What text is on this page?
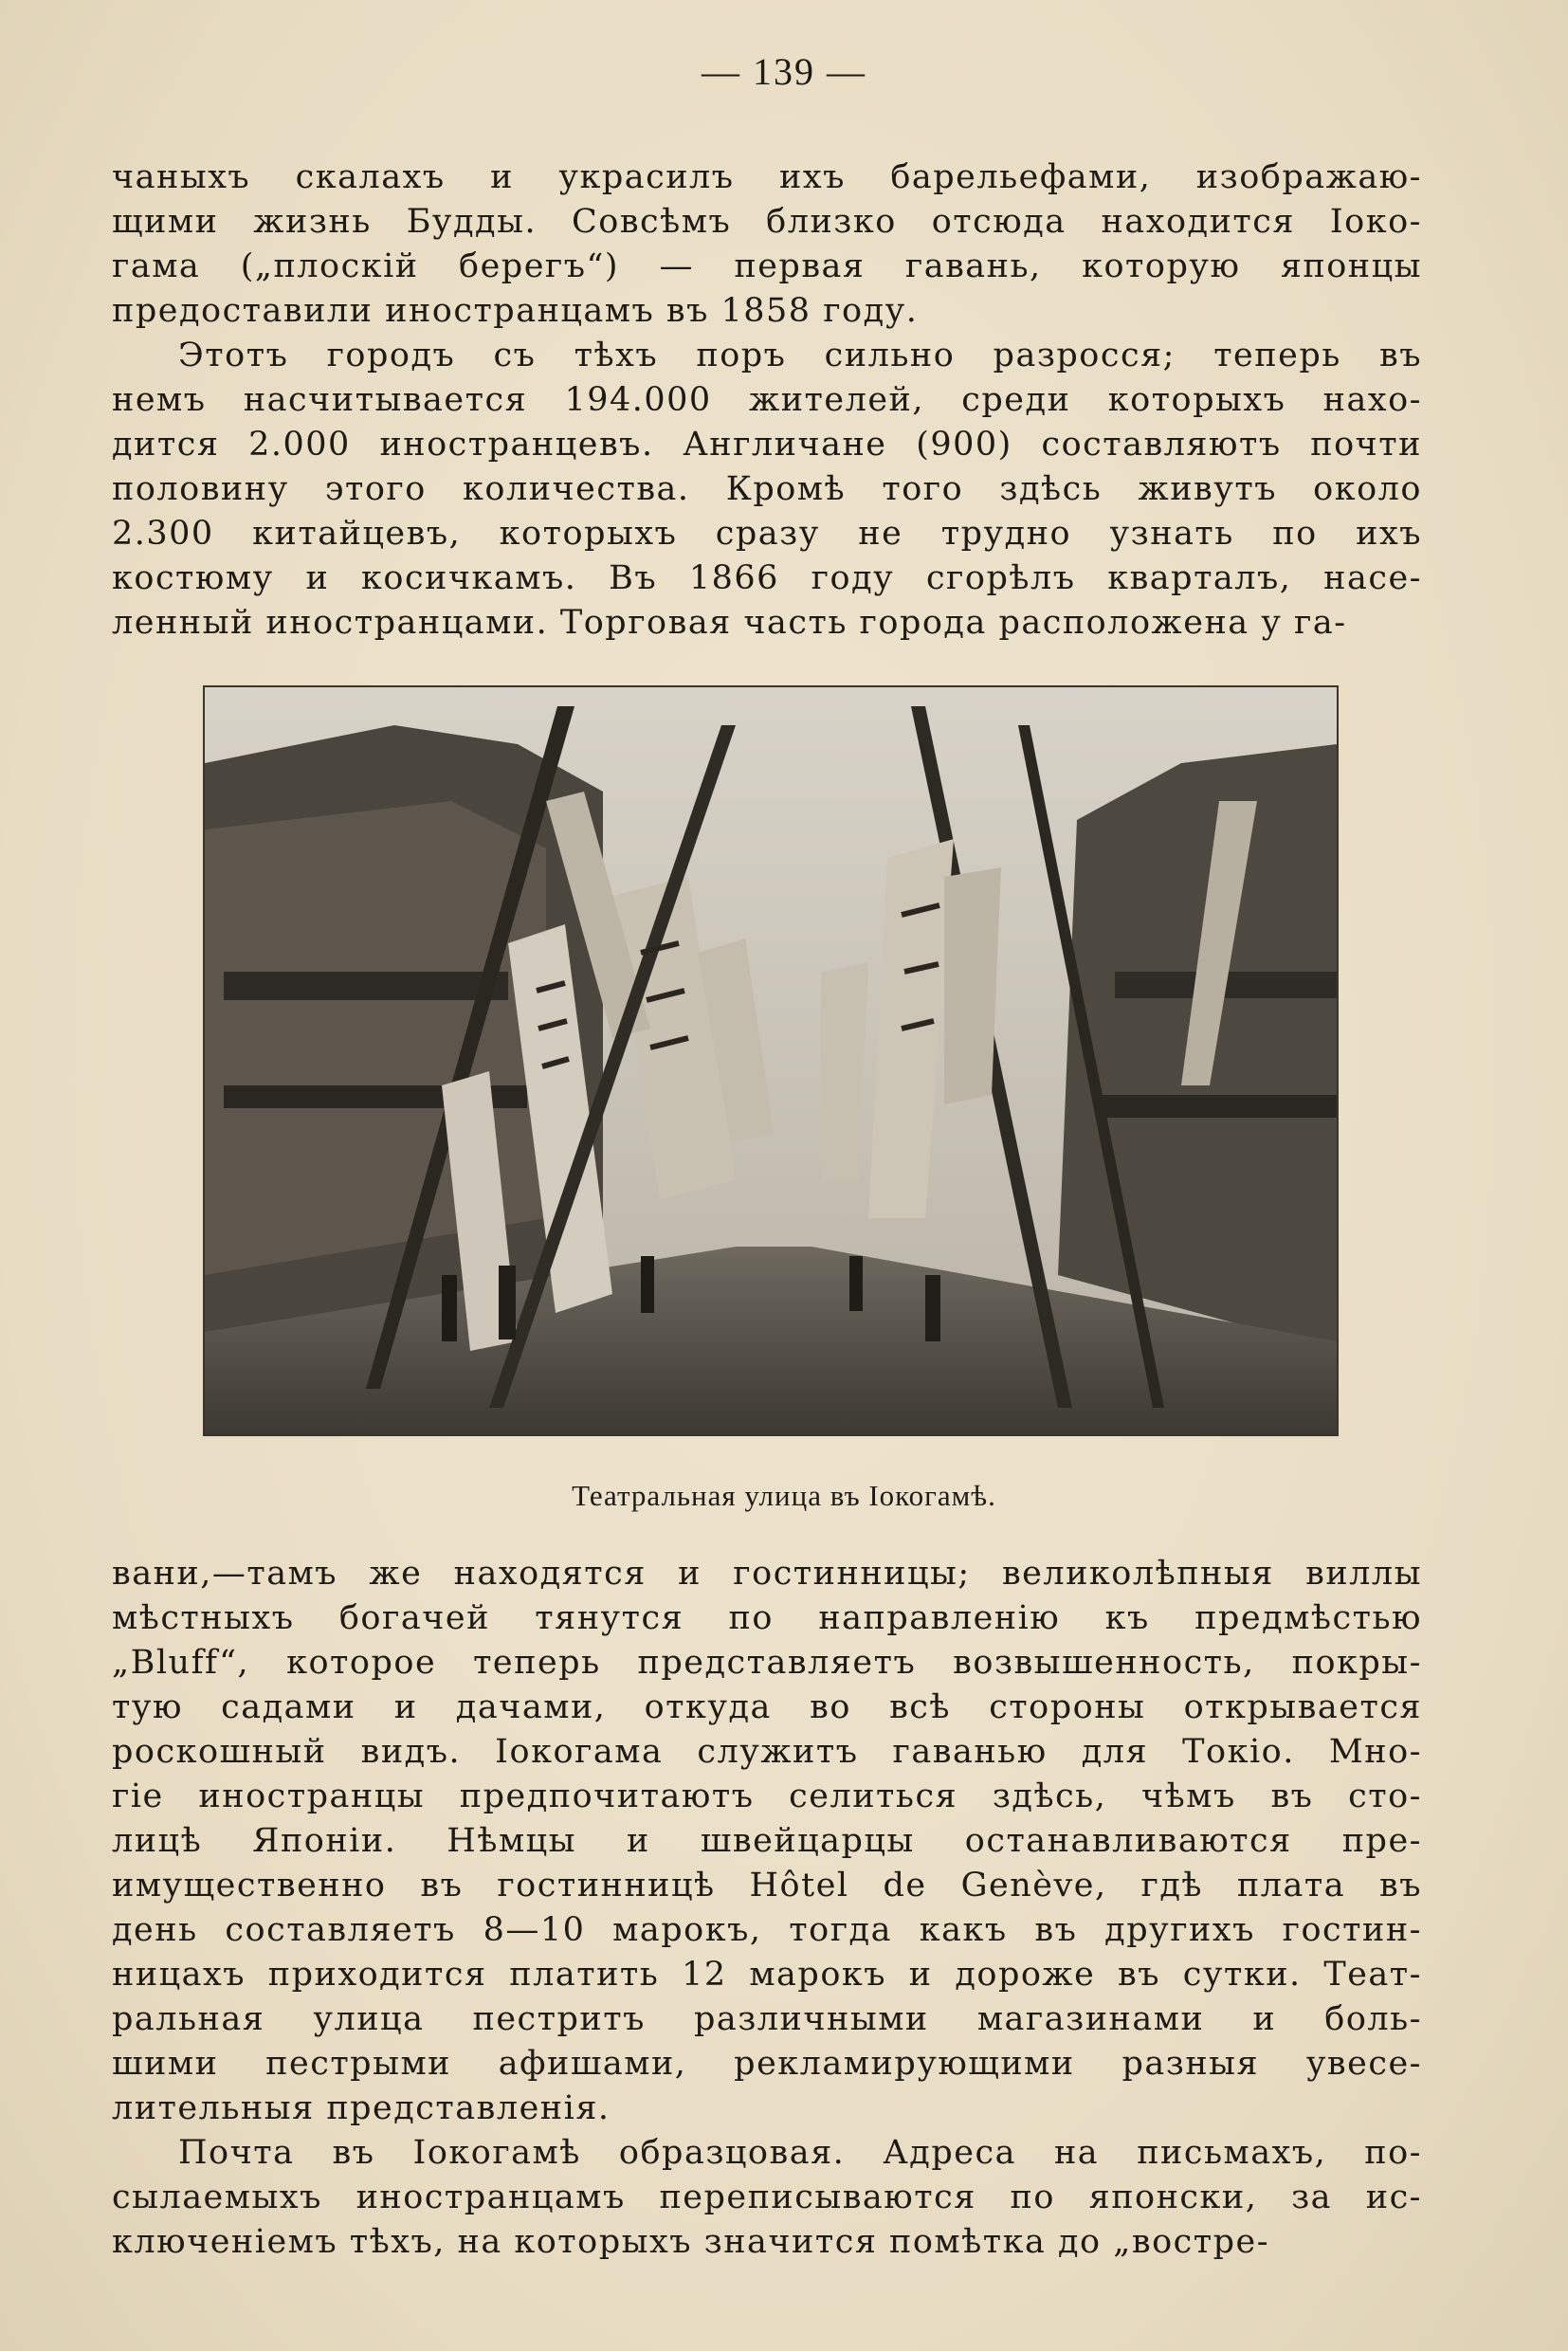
— 139 —

чаныхъ скалахъ и украсилъ ихъ барельефами, изображаю-
щими жизнь Будды. Совсѣмъ близко отсюда находится Іоко-
гама („плоскій берегъ“) — первая гавань, которую японцы
предоставили иностранцамъ въ 1858 году.

Этотъ городъ съ тѣхъ поръ сильно разросся; теперь въ
немъ насчитывается 194.000 жителей, среди которыхъ нахо-
дится 2.000 иностранцевъ. Англичане (900) составляютъ почти
половину этого количества. Кромѣ того здѣсь живутъ около
2.300 китайцевъ, которыхъ сразу не трудно узнать по ихъ
костюму и косичкамъ. Въ 1866 году сгорѣлъ кварталъ, насе-
ленный иностранцами. Торговая часть города расположена у га-

Театральная улица въ Іокогамѣ.

вани,—тамъ же находятся и гостинницы; великолѣпныя виллы
мѣстныхъ богачей тянутся по направленію къ предмѣстью
„Bluff“, которое теперь представляетъ возвышенность, покры-
тую садами и дачами, откуда во всѣ стороны открывается
роскошный видъ. Іокогама служитъ гаванью для Токіо. Мно-
гіе иностранцы предпочитаютъ селиться здѣсь, чѣмъ въ сто-
лицѣ Японіи. Нѣмцы и швейцарцы останавливаются пре-
имущественно въ гостинницѣ Hôtel de Genève, гдѣ плата въ
день составляетъ 8—10 марокъ, тогда какъ въ другихъ гостин-
ницахъ приходится платить 12 марокъ и дороже въ сутки. Теат-
ральная улица пестритъ различными магазинами и боль-
шими пестрыми афишами, рекламирующими разныя увесе-
лительныя представленія.

Почта въ Іокогамѣ образцовая. Адреса на письмахъ, по-
сылаемыхъ иностранцамъ переписываются по японски, за ис-
ключеніемъ тѣхъ, на которыхъ значится помѣтка до „востре-
